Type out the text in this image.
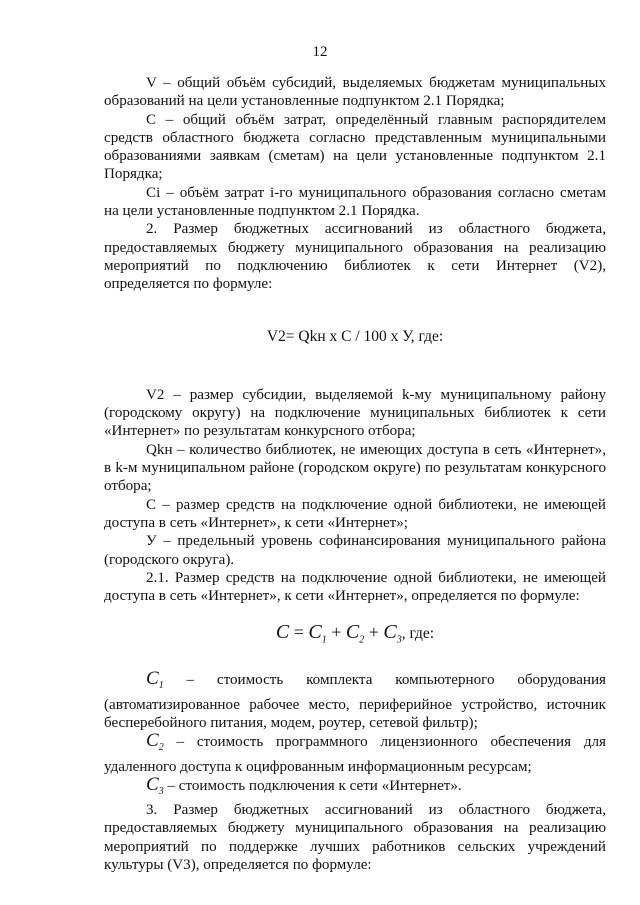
12

V – общий объём субсидий, выделяемых бюджетам муниципальных образований на цели установленные подпунктом 2.1 Порядка;

С – общий объём затрат, определённый главным распорядителем средств областного бюджета согласно представленным муниципальными образованиями заявкам (сметам) на цели установленные подпунктом 2.1 Порядка;

Сi – объём затрат i-го муниципального образования согласно сметам на цели установленные подпунктом 2.1 Порядка.

2. Размер бюджетных ассигнований из областного бюджета, предоставляемых бюджету муниципального образования на реализацию мероприятий по подключению библиотек к сети Интернет (V2), определяется по формуле:

V2= Qkн х С / 100 х У, где:

V2 – размер субсидии, выделяемой k-му муниципальному району (городскому округу) на подключение муниципальных библиотек к сети «Интернет» по результатам конкурсного отбора;

Qkн – количество библиотек, не имеющих доступа в сеть «Интернет», в k-м муниципальном районе (городском округе) по результатам конкурсного отбора;

С – размер средств на подключение одной библиотеки, не имеющей доступа в сеть «Интернет», к сети «Интернет»;

У – предельный уровень софинансирования муниципального района (городского округа).

2.1. Размер средств на подключение одной библиотеки, не имеющей доступа в сеть «Интернет», к сети «Интернет», определяется по формуле:

$C = C_1 + C_2 + C_3$, где:

$C_1$ – стоимость комплекта компьютерного оборудования (автоматизированное рабочее место, периферийное устройство, источник бесперебойного питания, модем, роутер, сетевой фильтр);

$C_2$ – стоимость программного лицензионного обеспечения для удаленного доступа к оцифрованным информационным ресурсам;

$C_3$ – стоимость подключения к сети «Интернет».

3. Размер бюджетных ассигнований из областного бюджета, предоставляемых бюджету муниципального образования на реализацию мероприятий по поддержке лучших работников сельских учреждений культуры (V3), определяется по формуле:
